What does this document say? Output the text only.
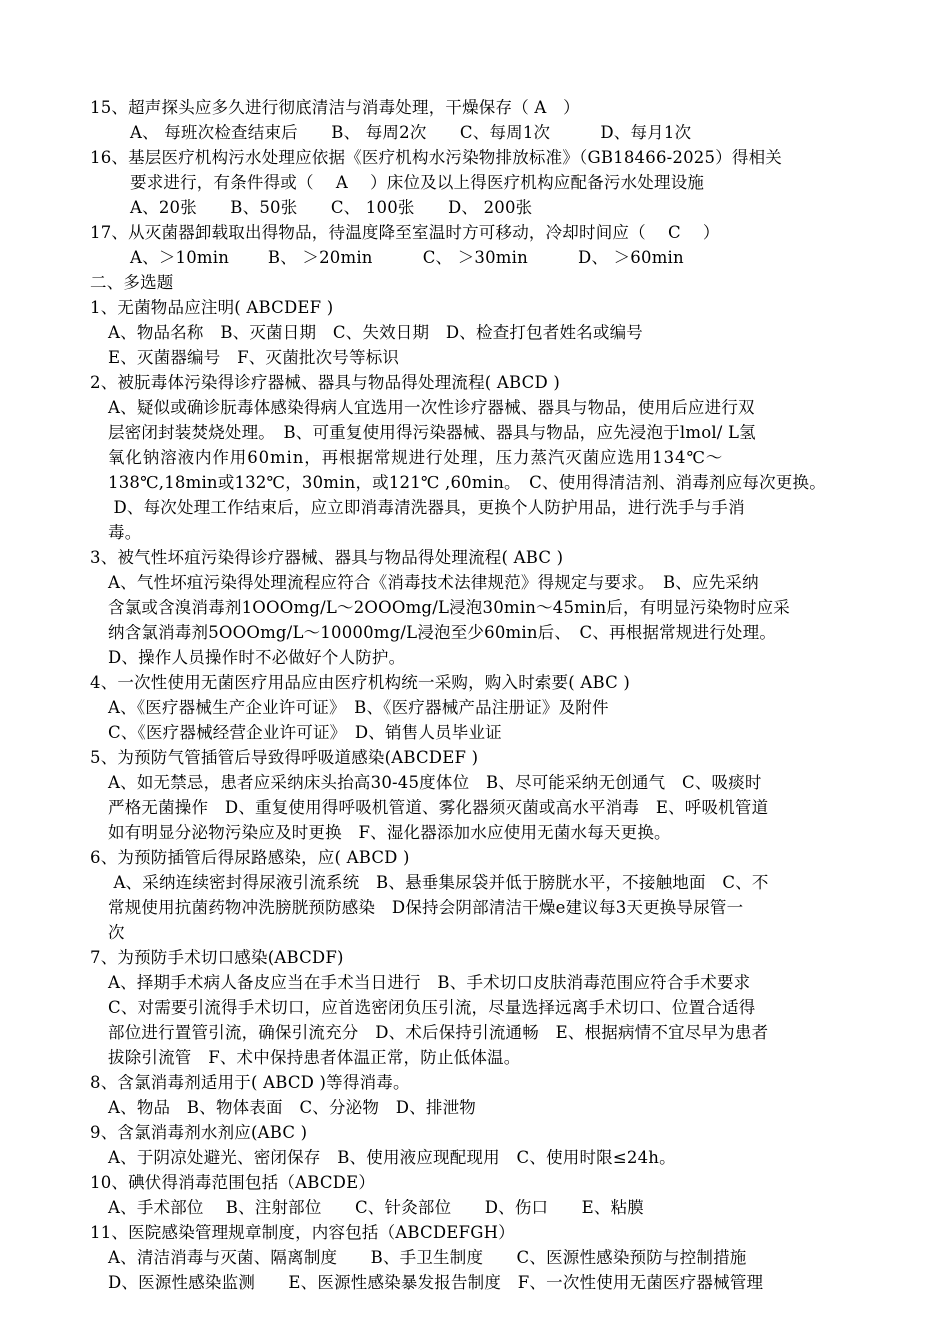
15、超声探头应多久进行彻底清洁与消毒处理，干燥保存（ A　）
A、 每班次检查结束后　　B、 每周2次　　C、每周1次　　　D、每月1次
16、基层医疗机构污水处理应依据《医疗机构水污染物排放标准》（GB18466-2025）得相关
要求进行，有条件得或（　 A　 ）床位及以上得医疗机构应配备污水处理设施
A、20张　　B、50张　　C、 100张　　D、 200张
17、从灭菌器卸载取出得物品，待温度降至室温时方可移动，冷却时间应（　 C　 ）
A、＞10min　　 B、 ＞20min　　　C、 ＞30min　　　D、 ＞60min
二、多选题
1、无菌物品应注明( ABCDEF )
A、物品名称　B、灭菌日期　C、失效日期　D、检查打包者姓名或编号
E、灭菌器编号　F、灭菌批次号等标识
2、被朊毒体污染得诊疗器械、器具与物品得处理流程( ABCD )
A、疑似或确诊朊毒体感染得病人宜选用一次性诊疗器械、器具与物品，使用后应进行双
层密闭封装焚烧处理。　B、可重复使用得污染器械、器具与物品，应先浸泡于lmol/ L氢
氧化钠溶液内作用60min，再根据常规进行处理，压力蒸汽灭菌应选用134℃～
138℃,18min或132℃，30min，或121℃ ,60min。　C、使用得清洁剂、消毒剂应每次更换。
D、每次处理工作结束后，应立即消毒清洗器具，更换个人防护用品，进行洗手与手消
毒。
3、被气性坏疽污染得诊疗器械、器具与物品得处理流程( ABC )
A、气性坏疽污染得处理流程应符合《消毒技术法律规范》得规定与要求。　B、应先采纳
含氯或含溴消毒剂1OOOmg/L～2OOOmg/L浸泡30min～45min后，有明显污染物时应采
纳含氯消毒剂5OOOmg/L～10000mg/L浸泡至少60min后、　C、再根据常规进行处理。
D、操作人员操作时不必做好个人防护。
4、一次性使用无菌医疗用品应由医疗机构统一采购，购入时索要( ABC )
A、《医疗器械生产企业许可证》　B、《医疗器械产品注册证》及附件
C、《医疗器械经营企业许可证》　D、销售人员毕业证
5、为预防气管插管后导致得呼吸道感染(ABCDEF )
A、如无禁忌，患者应采纳床头抬高30-45度体位　B、尽可能采纳无创通气　C、吸痰时
严格无菌操作　D、重复使用得呼吸机管道、雾化器须灭菌或高水平消毒　E、呼吸机管道
如有明显分泌物污染应及时更换　F、湿化器添加水应使用无菌水每天更换。
6、为预防插管后得尿路感染，应( ABCD )
A、采纳连续密封得尿液引流系统　B、悬垂集尿袋并低于膀胱水平，不接触地面　C、不
常规使用抗菌药物冲洗膀胱预防感染　D保持会阴部清洁干燥e建议每3天更换导尿管一
次
7、为预防手术切口感染(ABCDF)
A、择期手术病人备皮应当在手术当日进行　B、手术切口皮肤消毒范围应符合手术要求
C、对需要引流得手术切口，应首选密闭负压引流，尽量选择远离手术切口、位置合适得
部位进行置管引流，确保引流充分　D、术后保持引流通畅　E、根据病情不宜尽早为患者
拔除引流管　F、术中保持患者体温正常，防止低体温。
8、含氯消毒剂适用于( ABCD )等得消毒。
A、物品　B、物体表面　C、分泌物　D、排泄物
9、含氯消毒剂水剂应(ABC )
A、于阴凉处避光、密闭保存　B、使用液应现配现用　C、使用时限≤24h。
10、碘伏得消毒范围包括（ABCDE）
A、手术部位　 B、注射部位　　C、针灸部位　　D、伤口　　E、粘膜
11、医院感染管理规章制度，内容包括（ABCDEFGH）
A、清洁消毒与灭菌、隔离制度　　B、手卫生制度　　C、医源性感染预防与控制措施
D、医源性感染监测　　E、医源性感染暴发报告制度　F、一次性使用无菌医疗器械管理
